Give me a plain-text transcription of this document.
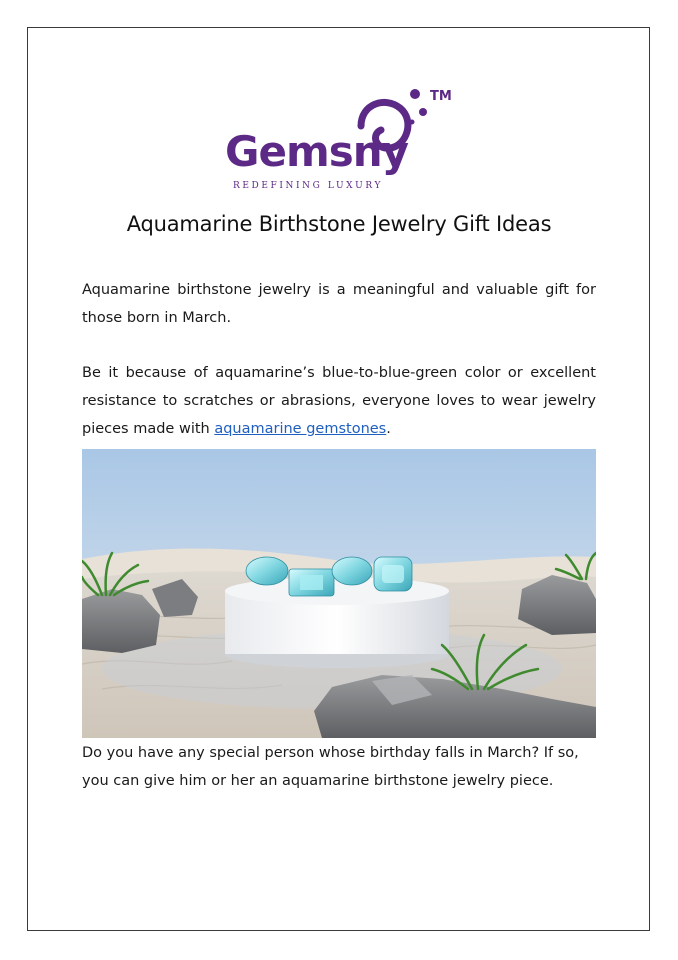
Gemsny
TM
REDEFINING LUXURY
Aquamarine Birthstone Jewelry Gift Ideas

Aquamarine birthstone jewelry is a meaningful and valuable gift for those born in March.

Be it because of aquamarine’s blue-to-blue-green color or excellent resistance to scratches or abrasions, everyone loves to wear jewelry pieces made with aquamarine gemstones.

Do you have any special person whose birthday falls in March? If so, you can give him or her an aquamarine birthstone jewelry piece.
